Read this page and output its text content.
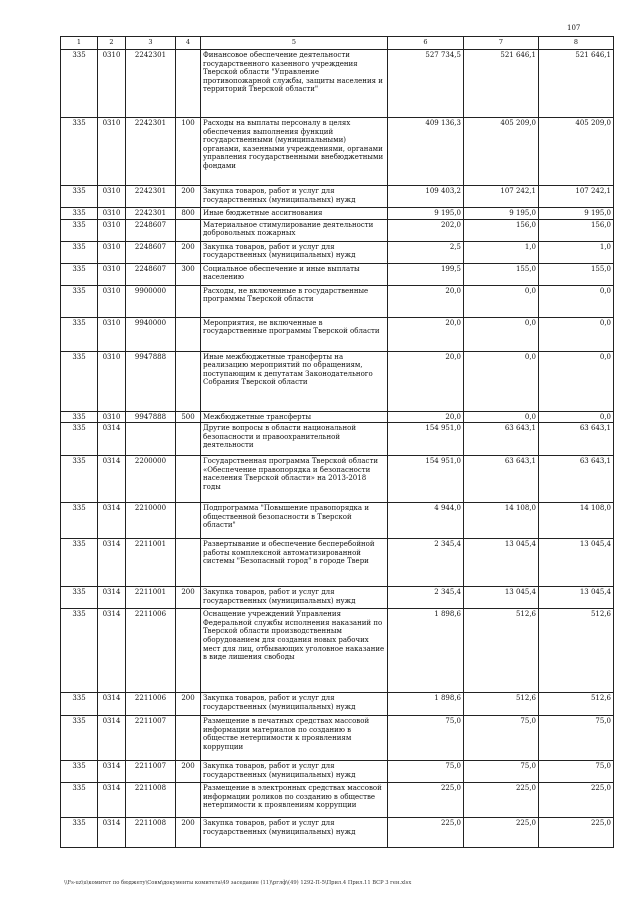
107
1	2	3	4	5	6	7	8
335	0310	2242301		Финансовое обеспечение деятельности государственного казенного учреждения Тверской области "Управление противопожарной службы, защиты населения и территорий Тверской области"	527 734,5	521 646,1	521 646,1
335	0310	2242301	100	Расходы на выплаты персоналу в целях обеспечения выполнения функций государственными (муниципальными) органами, казенными учреждениями, органами управления государственными внебюджетными фондами	409 136,3	405 209,0	405 209,0
335	0310	2242301	200	Закупка товаров, работ и услуг для государственных (муниципальных) нужд	109 403,2	107 242,1	107 242,1
335	0310	2242301	800	Иные бюджетные ассигнования	9 195,0	9 195,0	9 195,0
335	0310	2248607		Материальное стимулирование деятельности добровольных пожарных	202,0	156,0	156,0
335	0310	2248607	200	Закупка товаров, работ и услуг для государственных (муниципальных) нужд	2,5	1,0	1,0
335	0310	2248607	300	Социальное обеспечение и иные выплаты населению	199,5	155,0	155,0
335	0310	9900000		Расходы, не включенные в государственные программы Тверской области	20,0	0,0	0,0
335	0310	9940000		Мероприятия, не включенные в государственные программы Тверской области	20,0	0,0	0,0
335	0310	9947888		Иные межбюджетные трансферты на реализацию мероприятий по обращениям, поступающим к депутатам Законодательного Собрания Тверской области	20,0	0,0	0,0
335	0310	9947888	500	Межбюджетные трансферты	20,0	0,0	0,0
335	0314			Другие вопросы в области национальной безопасности и правоохранительной деятельности	154 951,0	63 643,1	63 643,1
335	0314	2200000		Государственная программа Тверской области «Обеспечение правопорядка и безопасности населения Тверской области» на 2013-2018 годы	154 951,0	63 643,1	63 643,1
335	0314	2210000		Подпрограмма "Повышение правопорядка и общественной безопасности в Тверской области"	4 944,0	14 108,0	14 108,0
335	0314	2211001		Развертывание и обеспечение бесперебойной работы комплексной автоматизированной системы "Безопасный город" в городе Твери	2 345,4	13 045,4	13 045,4
335	0314	2211001	200	Закупка товаров, работ и услуг для государственных (муниципальных) нужд	2 345,4	13 045,4	13 045,4
335	0314	2211006		Оснащение учреждений Управления Федеральной службы исполнения наказаний по Тверской области производственным оборудованием для создания новых рабочих мест для лиц, отбывающих уголовное наказание в виде лишения свободы	1 898,6	512,6	512,6
335	0314	2211006	200	Закупка товаров, работ и услуг для государственных (муниципальных) нужд	1 898,6	512,6	512,6
335	0314	2211007		Размещение в печатных средствах массовой информации материалов по созданию в обществе нетерпимости к проявлениям коррупции	75,0	75,0	75,0
335	0314	2211007	200	Закупка товаров, работ и услуг для государственных (муниципальных) нужд	75,0	75,0	75,0
335	0314	2211008		Размещение в электронных средствах массовой информации роликов по созданию в обществе нетерпимости к проявлениям коррупции	225,0	225,0	225,0
335	0314	2211008	200	Закупка товаров, работ и услуг для государственных (муниципальных) нужд	225,0	225,0	225,0
\\Fs-uz\u\комитет по бюджету\Совм\документы комитета\49 заседание (11)\рглф\(49) 1292-П-5\Прил.4 Прил.11 ВСР 3 ген.xlsx
